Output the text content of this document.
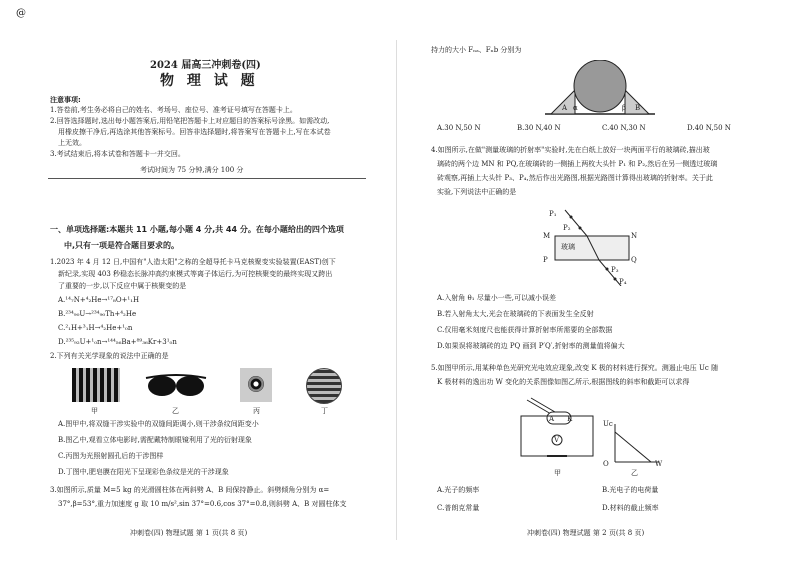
@
2024 届高三冲刺卷(四)
物 理 试 题
注意事项:
1.答卷前,考生务必将自己的姓名、考场号、座位号、准考证号填写在答题卡上。
2.回答选择题时,选出每小题答案后,用铅笔把答题卡上对应题目的答案标号涂黑。如需改动,
用橡皮擦干净后,再选涂其他答案标号。回答非选择题时,将答案写在答题卡上,写在本试卷
上无效。
3.考试结束后,将本试卷和答题卡一并交回。
考试时间为 75 分钟,满分 100 分
一、单项选择题:本题共 11 小题,每小题 4 分,共 44 分。在每小题给出的四个选项
中,只有一项是符合题目要求的。
1.2023 年 4 月 12 日,中国有"人造太阳"之称的全超导托卡马克核聚变实验装置(EAST)创下
新纪录,实现 403 秒稳态长脉冲高约束模式等离子体运行,为可控核聚变的最终实现又跨出
了重要的一步,以下反应中属于核聚变的是
A.¹⁴₇N+⁴₂He→¹⁷₈O+¹₁H
B.²³⁴₉₀U→²³⁴₉₀Th+⁴₂He
C.²₁H+³₁H→⁴₂He+¹₀n
D.²³⁵₉₂U+¹₀n→¹⁴⁴₅₆Ba+⁸⁹₃₆Kr+3¹₀n
2.下列有关光学现象的说法中正确的是
甲	乙	丙	丁
A.图甲中,将双缝干涉实验中的双缝间距调小,则干涉条纹间距变小
B.图乙中,观看立体电影时,需配戴特制眼镜利用了光的衍射现象
C.丙图为光照射圆孔后的干涉图样
D.丁图中,肥皂膜在阳光下呈现彩色条纹是光的干涉现象
3.如图所示,质量 M=5 kg 的光滑圆柱体在两斜劈 A、B 间保持静止。斜劈倾角分别为 α=
37°,β=53°,重力加速度 g 取 10 m/s²,sin 37°=0.6,cos 37°=0.8,则斜劈 A、B 对圆柱体支
冲刺卷(四) 物理试题 第 1 页(共 8 页)
持力的大小 Fₙₐ、Fₙb 分别为
A α	β B
A.30 N,50 N	B.30 N,40 N	C.40 N,30 N	D.40 N,50 N
4.如图所示,在做"测量玻璃的折射率"实验时,先在白纸上放好一块两面平行的玻璃砖,描出玻
璃砖的两个边 MN 和 PQ,在玻璃砖的一侧插上两枚大头针 P₁ 和 P₂,然后在另一侧透过玻璃
砖观察,再插上大头针 P₃、P₄,然后作出光路图,根据光路图计算得出玻璃的折射率。关于此
实验,下列说法中正确的是
P₁
P₂
M	N
玻璃
P	Q
P₃
P₄
A.入射角 θ₁ 尽量小一些,可以减小误差
B.若入射角太大,光会在玻璃砖的下表面发生全反射
C.仅用毫米刻度尺也能获得计算折射率所需要的全部数据
D.如果误将玻璃砖的边 PQ 画到 P′Q′,折射率的测量值将偏大
5.如图甲所示,用某种单色光研究光电效应现象,改变 K 极的材料进行探究。测遏止电压 Uc 随
K 极材料的逸出功 W 变化的关系图像如图乙所示,根据图线的斜率和截距可以求得
A K
V
甲
Uc
O	W
乙
A.光子的频率	B.光电子的电荷量
C.普朗克常量	D.材料的截止频率
冲刺卷(四) 物理试题 第 2 页(共 8 页)
